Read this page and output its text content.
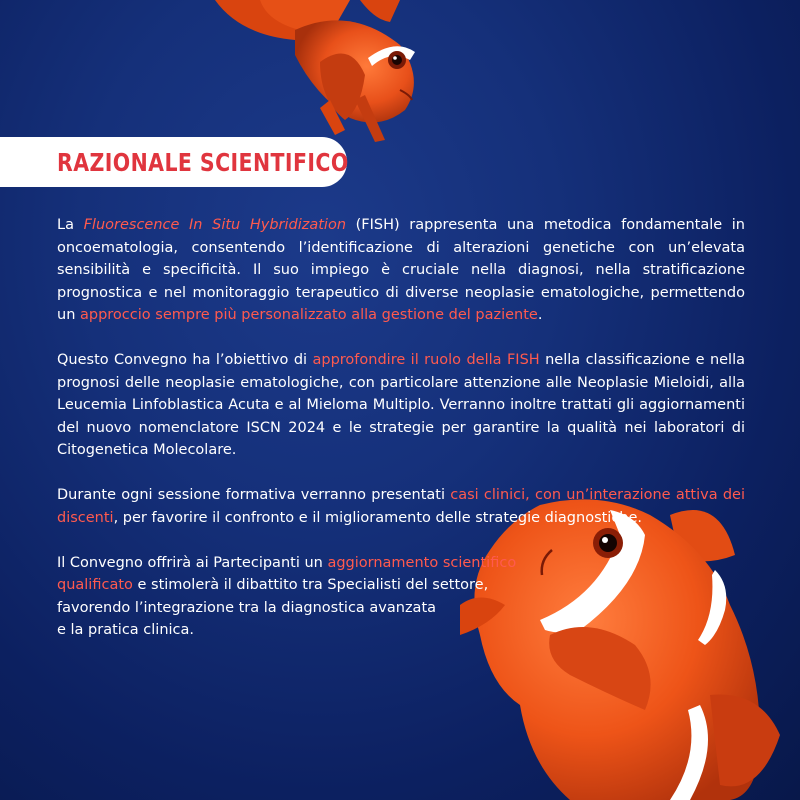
RAZIONALE SCIENTIFICO

La Fluorescence In Situ Hybridization (FISH) rappresenta una metodica fondamentale in oncoematologia, consentendo l’identificazione di alterazioni genetiche con un’elevata sensibilità e specificità. Il suo impiego è cruciale nella diagnosi, nella stratificazione prognostica e nel monitoraggio terapeutico di diverse neoplasie ematologiche, permettendo un approccio sempre più personalizzato alla gestione del paziente.

Questo Convegno ha l’obiettivo di approfondire il ruolo della FISH nella classificazione e nella prognosi delle neoplasie ematologiche, con particolare attenzione alle Neoplasie Mieloidi, alla Leucemia Linfoblastica Acuta e al Mieloma Multiplo. Verranno inoltre trattati gli aggiornamenti del nuovo nomenclatore ISCN 2024 e le strategie per garantire la qualità nei laboratori di Citogenetica Molecolare.

Durante ogni sessione formativa verranno presentati casi clinici, con un’interazione attiva dei discenti, per favorire il confronto e il miglioramento delle strategie diagnostiche.

Il Convegno offrirà ai Partecipanti un aggiornamento scientifico
qualificato e stimolerà il dibattito tra Specialisti del settore,
favorendo l’integrazione tra la diagnostica avanzata
e la pratica clinica.
